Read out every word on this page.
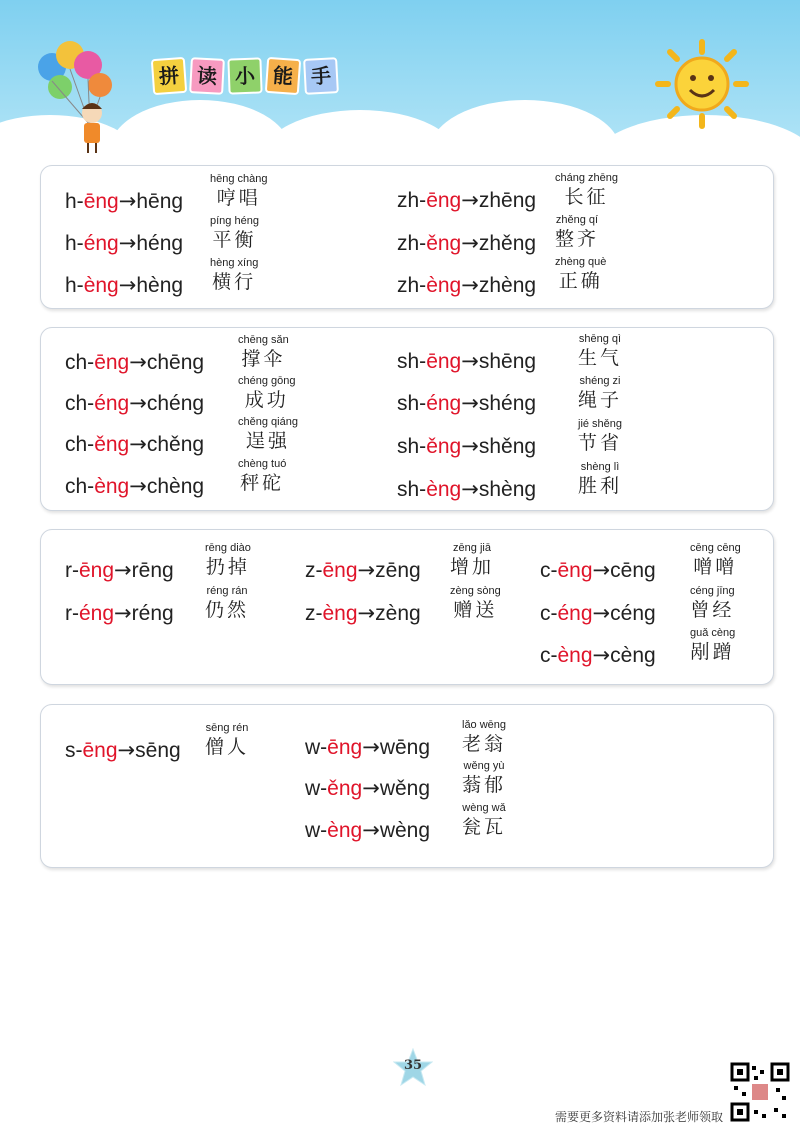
拼 读 小 能 手
h-ēng→hēng
hēng chàng
哼唱
h-éng→héng
píng héng
平衡
h-èng→hèng
hèng xíng
横行
zh-ēng→zhēng
cháng zhēng
长征
zh-ěng→zhěng
zhěng qí
整齐
zh-èng→zhèng
zhèng què
正确
ch-ēng→chēng
chēng sǎn
撑伞
ch-éng→chéng
chéng gōng
成功
ch-ěng→chěng
chěng qiáng
逞强
ch-èng→chèng
chèng tuó
秤砣
sh-ēng→shēng
shēng qì
生气
sh-éng→shéng
shéng zi
绳子
sh-ěng→shěng
jié shěng
节省
sh-èng→shèng
shèng lì
胜利
r-ēng→rēng
rēng diào
扔掉
r-éng→réng
réng rán
仍然
z-ēng→zēng
zēng jiā
增加
z-èng→zèng
zèng sòng
赠送
c-ēng→cēng
cēng cēng
噌噌
c-éng→céng
céng jīng
曾经
c-èng→cèng
guǎ cèng
剐蹭
s-ēng→sēng
sēng rén
僧人	w-ēng→wēng
lǎo wēng
老翁
w-ěng→wěng
wěng yù
蓊郁
w-èng→wèng
wèng wǎ
瓮瓦
35
需要更多资料请添加张老师领取
